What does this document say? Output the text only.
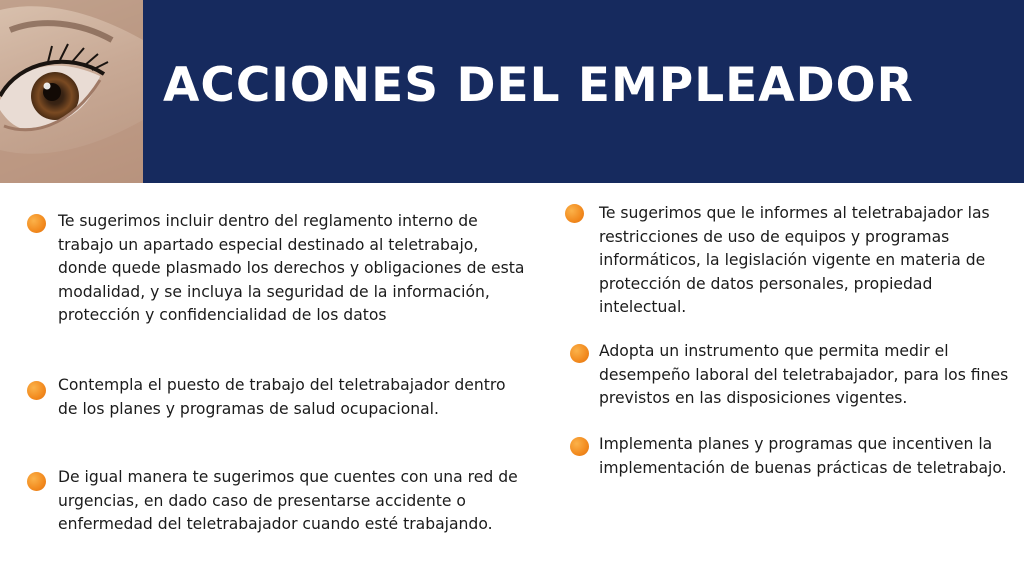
ACCIONES DEL EMPLEADOR
Te sugerimos incluir dentro del reglamento interno de trabajo un apartado especial destinado al teletrabajo, donde quede plasmado los derechos y obligaciones de esta modalidad, y se incluya la seguridad de la información, protección y confidencialidad de los datos
Contempla el puesto de trabajo del teletrabajador dentro de los planes y programas de salud ocupacional.
De igual manera te sugerimos que cuentes con una red de urgencias, en dado caso de presentarse accidente o enfermedad del teletrabajador cuando esté trabajando.
Te sugerimos que le informes al teletrabajador las restricciones de uso de equipos y programas informáticos, la legislación vigente en materia de protección de datos personales, propiedad intelectual.
Adopta un instrumento que permita medir el desempeño laboral del teletrabajador, para los fines previstos en las disposiciones vigentes.
Implementa planes y programas que incentiven la implementación de buenas prácticas de teletrabajo.
